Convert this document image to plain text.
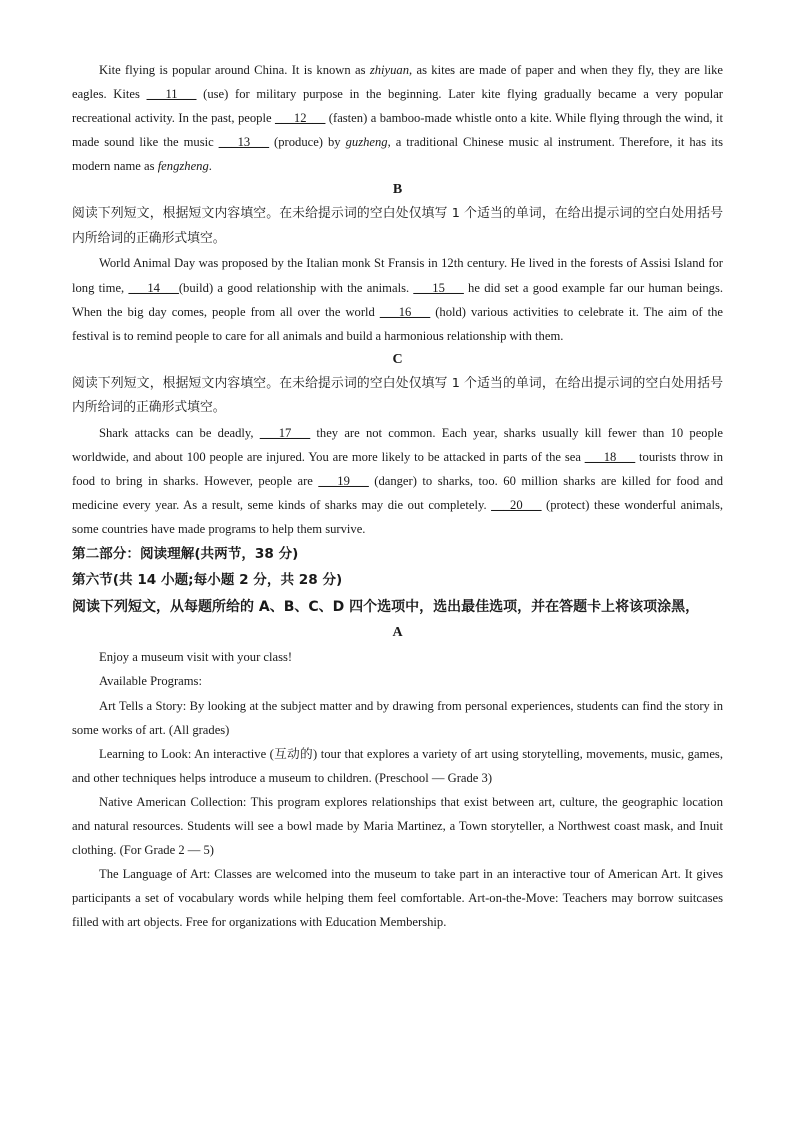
Kite flying is popular around China. It is known as zhiyuan, as kites are made of paper and when they fly, they are like eagles. Kites ___11___ (use) for military purpose in the beginning. Later kite flying gradually became a very popular recreational activity. In the past, people ___12___ (fasten) a bamboo-made whistle onto a kite. While flying through the wind, it made sound like the music ___13___ (produce) by guzheng, a traditional Chinese music al instrument. Therefore, it has its modern name as fengzheng.

B

阅读下列短文，根据短文内容填空。在未给提示词的空白处仅填写 1 个适当的单词，在给出提示词的空白处用括号内所给词的正确形式填空。

World Animal Day was proposed by the Italian monk St Fransis in 12th century. He lived in the forests of Assisi Island for long time, ___14___(build) a good relationship with the animals. ___15___ he did set a good example far our human beings. When the big day comes, people from all over the world ___16___ (hold) various activities to celebrate it. The aim of the festival is to remind people to care for all animals and build a harmonious relationship with them.

C

阅读下列短文，根据短文内容填空。在未给提示词的空白处仅填写 1 个适当的单词，在给出提示词的空白处用括号内所给词的正确形式填空。

Shark attacks can be deadly, ___17___ they are not common. Each year, sharks usually kill fewer than 10 people worldwide, and about 100 people are injured. You are more likely to be attacked in parts of the sea ___18___ tourists throw in food to bring in sharks. However, people are ___19___ (danger) to sharks, too. 60 million sharks are killed for food and medicine every year. As a result, seme kinds of sharks may die out completely. ___20___ (protect) these wonderful animals, some countries have made programs to help them survive.

第二部分：阅读理解(共两节，38 分)

第六节(共 14 小题;每小题 2 分，共 28 分)

阅读下列短文，从每题所给的 A、B、C、D 四个选项中，选出最佳选项，并在答题卡上将该项涂黑，

A

Enjoy a museum visit with your class!

Available Programs:

Art Tells a Story: By looking at the subject matter and by drawing from personal experiences, students can find the story in some works of art. (All grades)

Learning to Look: An interactive (互动的) tour that explores a variety of art using storytelling, movements, music, games, and other techniques helps introduce a museum to children. (Preschool — Grade 3)

Native American Collection: This program explores relationships that exist between art, culture, the geographic location and natural resources. Students will see a bowl made by Maria Martinez, a Town storyteller, a Northwest coast mask, and Inuit clothing. (For Grade 2 — 5)

The Language of Art: Classes are welcomed into the museum to take part in an interactive tour of American Art. It gives participants a set of vocabulary words while helping them feel comfortable. Art-on-the-Move: Teachers may borrow suitcases filled with art objects. Free for organizations with Education Membership.
